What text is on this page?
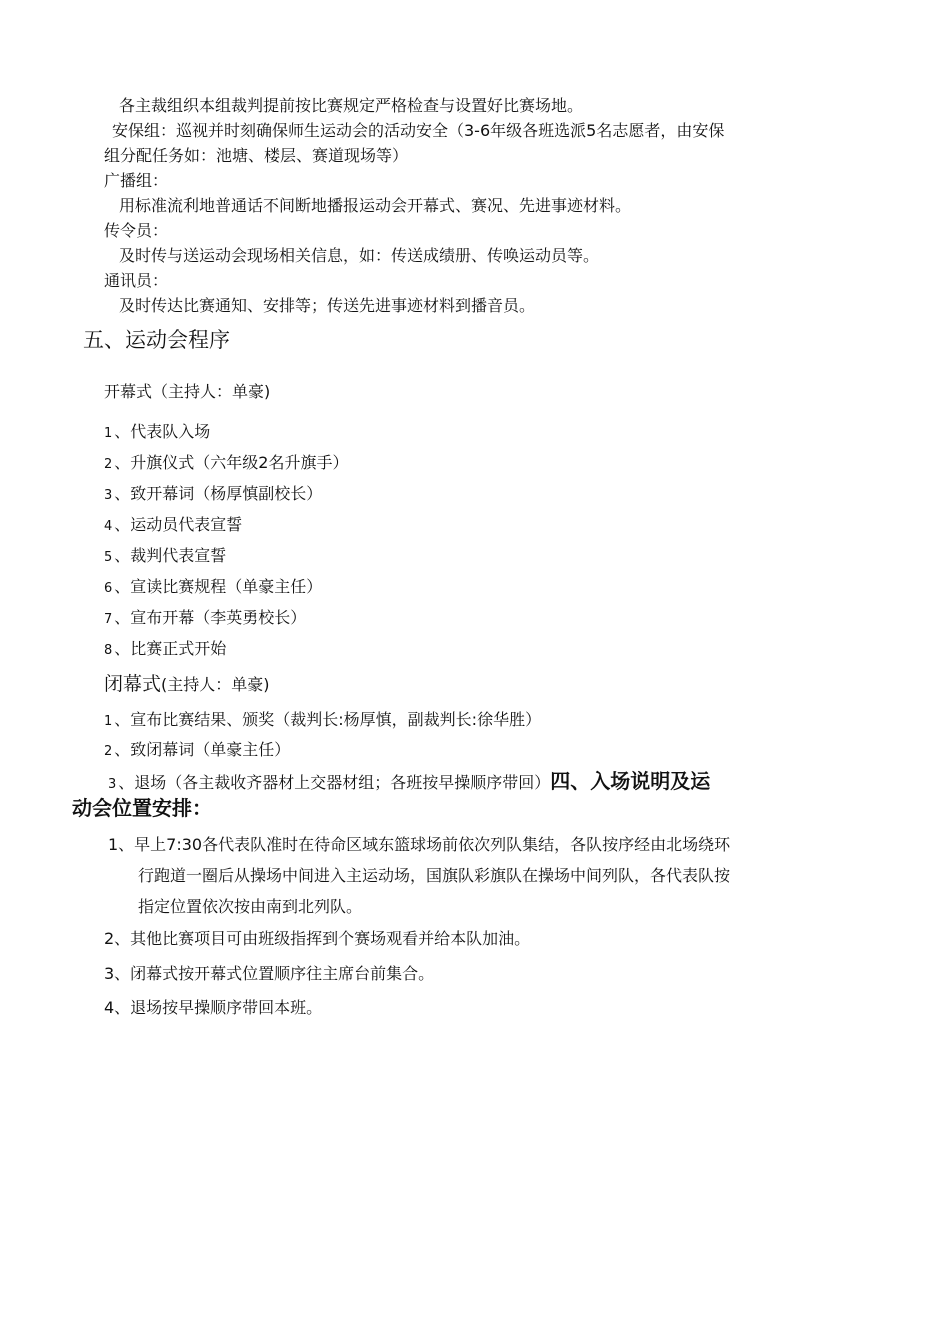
各主裁组织本组裁判提前按比赛规定严格检查与设置好比赛场地。
安保组：巡视并时刻确保师生运动会的活动安全（3-6年级各班选派5名志愿者，由安保
组分配任务如：池塘、楼层、赛道现场等）
广播组：
用标准流利地普通话不间断地播报运动会开幕式、赛况、先进事迹材料。
传令员：
及时传与送运动会现场相关信息，如：传送成绩册、传唤运动员等。
通讯员：
及时传达比赛通知、安排等；传送先进事迹材料到播音员。
五、运动会程序
开幕式（主持人：单豪)
1 、代表队入场
2 、升旗仪式（六年级2名升旗手）
3 、致开幕词（杨厚慎副校长）
4 、运动员代表宣誓
5 、裁判代表宣誓
6 、宣读比赛规程（单豪主任）
7 、宣布开幕（李英勇校长）
8 、比赛正式开始
闭幕式(主持人：单豪)
1 、宣布比赛结果、颁奖（裁判长:杨厚慎，副裁判长:徐华胜）
2 、致闭幕词（单豪主任）
3 、退场（各主裁收齐器材上交器材组；各班按早操顺序带回）四、入场说明及运
动会位置安排：
1、早上7:30各代表队准时在待命区域东篮球场前依次列队集结，各队按序经由北场绕环
行跑道一圈后从操场中间进入主运动场，国旗队彩旗队在操场中间列队，各代表队按
指定位置依次按由南到北列队。
2、其他比赛项目可由班级指挥到个赛场观看并给本队加油。
3、闭幕式按开幕式位置顺序往主席台前集合。
4、退场按早操顺序带回本班。
